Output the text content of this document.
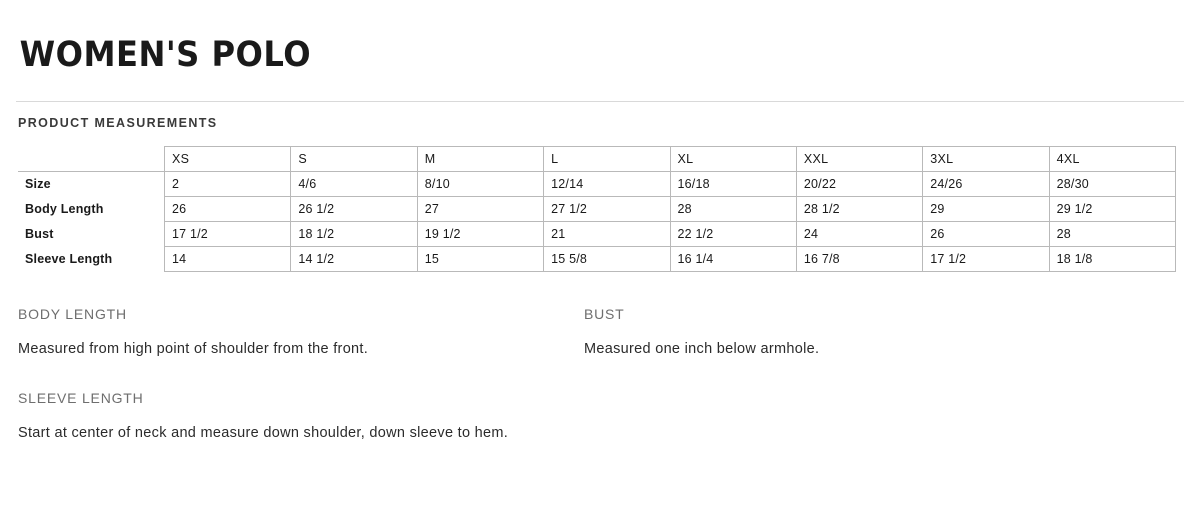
WOMEN'S POLO
PRODUCT MEASUREMENTS
	XS	S	M	L	XL	XXL	3XL	4XL
Size	2	4/6	8/10	12/14	16/18	20/22	24/26	28/30
Body Length	26	26 1/2	27	27 1/2	28	28 1/2	29	29 1/2
Bust	17 1/2	18 1/2	19 1/2	21	22 1/2	24	26	28
Sleeve Length	14	14 1/2	15	15 5/8	16 1/4	16 7/8	17 1/2	18 1/8
BODY LENGTH
Measured from high point of shoulder from the front.
SLEEVE LENGTH
Start at center of neck and measure down shoulder, down sleeve to hem.
BUST
Measured one inch below armhole.
